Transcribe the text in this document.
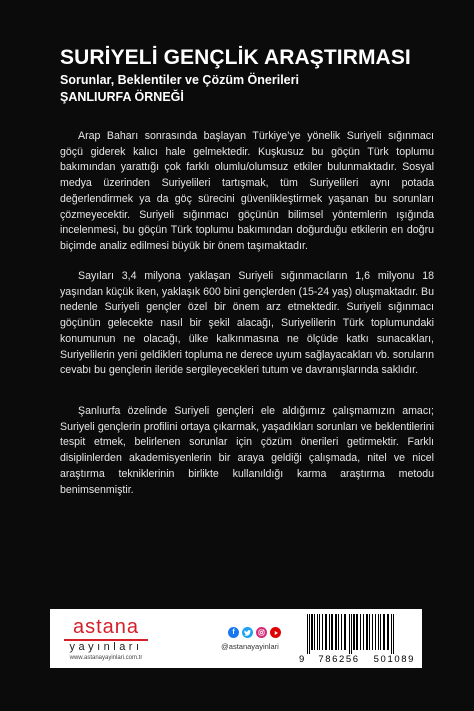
SURİYELİ GENÇLİK ARAŞTIRMASI
Sorunlar, Beklentiler ve Çözüm Önerileri
ŞANLIURFA ÖRNEĞİ

Arap Baharı sonrasında başlayan Türkiye’ye yönelik Suriyeli sığınmacı göçü giderek kalıcı hale gelmektedir. Kuşkusuz bu göçün Türk toplumu bakımından yarattığı çok farklı olumlu/olumsuz etkiler bulunmaktadır. Sosyal medya üzerinden Suriyelileri tartışmak, tüm Suriyelileri aynı potada değerlendirmek ya da göç sürecini güvenlikleştirmek yaşanan bu sorunları çözmeyecektir. Suriyeli sığınmacı göçünün bilimsel yöntemlerin ışığında incelenmesi, bu göçün Türk toplumu bakımından doğurduğu etkilerin en doğru biçimde analiz edilmesi büyük bir önem taşımaktadır.

Sayıları 3,4 milyona yaklaşan Suriyeli sığınmacıların 1,6 milyonu 18 yaşından küçük iken, yaklaşık 600 bini gençlerden (15-24 yaş) oluşmaktadır. Bu nedenle Suriyeli gençler özel bir önem arz etmektedir. Suriyeli sığınmacı göçünün gelecekte nasıl bir şekil alacağı, Suriyelilerin Türk toplumundaki konumunun ne olacağı, ülke kalkınmasına ne ölçüde katkı sunacakları, Suriyelilerin yeni geldikleri topluma ne derece uyum sağlayacakları vb. soruların cevabı bu gençlerin ileride sergileyecekleri tutum ve davranışlarında saklıdır.

Şanlıurfa özelinde Suriyeli gençleri ele aldığımız çalışmamızın amacı; Suriyeli gençlerin profilini ortaya çıkarmak, yaşadıkları sorunları ve beklentilerini tespit etmek, belirlenen sorunlar için çözüm önerileri getirmektir. Farklı disiplinlerden akademisyenlerin bir araya geldiği çalışmada, nitel ve nicel araştırma tekniklerinin birlikte kullanıldığı karma araştırma metodu benimsenmiştir.

astana
yayınları
www.astanayayinlari.com.tr
f
@astanayayinlari
9 786256 501089
